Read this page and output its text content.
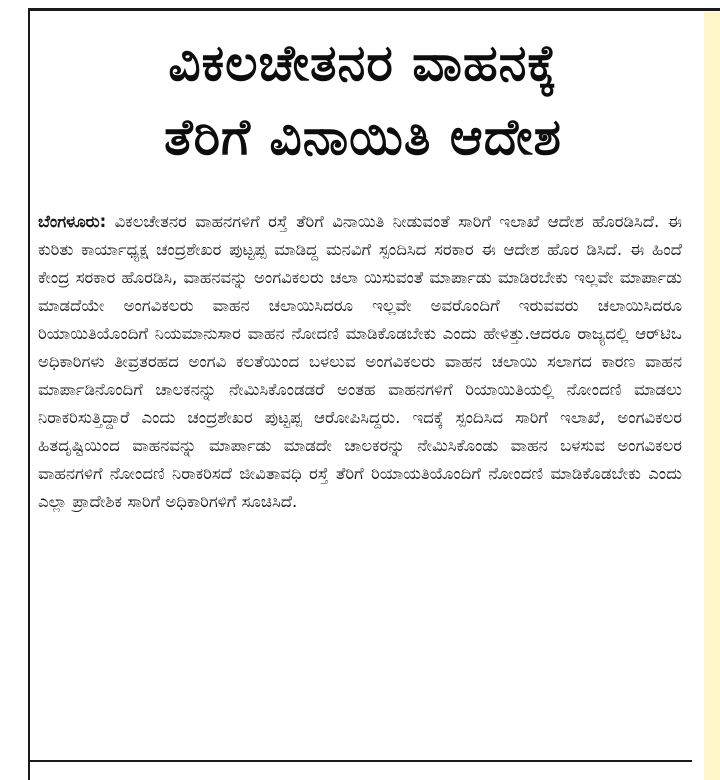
ವಿಕಲಚೇತನರ ವಾಹನಕ್ಕೆ
ತೆರಿಗೆ ವಿನಾಯಿತಿ ಆದೇಶ

ಬೆಂಗಳೂರು: ವಿಕಲಚೇತನರ ವಾಹನಗಳಿಗೆ ರಸ್ತೆ ತೆರಿಗೆ ವಿನಾಯಿತಿ ನೀಡುವಂತೆ ಸಾರಿಗೆ ಇಲಾಖೆ ಆದೇಶ ಹೊರಡಿಸಿದೆ. ಈ ಕುರಿತು ಕಾರ್ಯಾಧ್ಯಕ್ಷ ಚಂದ್ರಶೇಖರ ಪುಟ್ಟಪ್ಪ ಮಾಡಿದ್ದ ಮನವಿಗೆ ಸ್ಪಂದಿಸಿದ ಸರಕಾರ ಈ ಆದೇಶ ಹೊರ ಡಿಸಿದೆ. ಈ ಹಿಂದೆ ಕೇಂದ್ರ ಸರಕಾರ ಹೊರಡಿಸಿ, ವಾಹನವನ್ನು ಅಂಗವಿಕಲರು ಚಲಾ ಯಿಸುವಂತೆ ಮಾರ್ಪಾಡು ಮಾಡಿರಬೇಕು ಇಲ್ಲವೇ ಮಾರ್ಪಾಡು ಮಾಡದೆಯೇ ಅಂಗವಿಕಲರು ವಾಹನ ಚಲಾಯಿಸಿದರೂ ಇಲ್ಲವೇ ಅವರೊಂದಿಗೆ ಇರುವವರು ಚಲಾಯಿಸಿದರೂ ರಿಯಾಯಿತಿಯೊಂದಿಗೆ ನಿಯಮಾನುಸಾರ ವಾಹನ ನೋದಣಿ ಮಾಡಿಕೊಡಬೇಕು ಎಂದು ಹೇಳಿತ್ತು.ಆದರೂ ರಾಜ್ಯದಲ್ಲಿ ಆರ್‌ಟಿಒ ಅಧಿಕಾರಿಗಳು ತೀವ್ರತರಹದ ಅಂಗವಿ ಕಲತೆಯಿಂದ ಬಳಲುವ ಅಂಗವಿಕಲರು ವಾಹನ ಚಲಾಯಿ ಸಲಾಗದ ಕಾರಣ ವಾಹನ ಮಾರ್ಪಾಡಿನೊಂದಿಗೆ ಚಾಲಕನನ್ನು ನೇಮಿಸಿಕೊಂಡಡರೆ ಅಂತಹ ವಾಹನಗಳಿಗೆ ರಿಯಾಯಿತಿಯಲ್ಲಿ ನೋಂದಣಿ ಮಾಡಲು ನಿರಾಕರಿಸುತ್ತಿದ್ದಾರೆ ಎಂದು ಚಂದ್ರಶೇಖರ ಪುಟ್ಟಪ್ಪ ಆರೋಪಿಸಿದ್ದರು. ಇದಕ್ಕೆ ಸ್ಪಂದಿಸಿದ ಸಾರಿಗೆ ಇಲಾಖೆ, ಅಂಗವಿಕಲರ ಹಿತದೃಷ್ಟಿಯಿಂದ ವಾಹನವನ್ನು ಮಾರ್ಪಾಡು ಮಾಡದೇ ಚಾಲಕರನ್ನು ನೇಮಿಸಿಕೊಂಡು ವಾಹನ ಬಳಸುವ ಅಂಗವಿಕಲರ ವಾಹನಗಳಿಗೆ ನೋಂದಣಿ ನಿರಾಕರಿಸದೆ ಜೀವಿತಾವಧಿ ರಸ್ತೆ ತೆರಿಗೆ ರಿಯಾಯತಿಯೊಂದಿಗೆ ನೋಂದಣಿ ಮಾಡಿಕೊಡಬೇಕು ಎಂದು ಎಲ್ಲಾ ಪ್ರಾದೇಶಿಕ ಸಾರಿಗೆ ಅಧಿಕಾರಿಗಳಿಗೆ ಸೂಚಿಸಿದೆ.
